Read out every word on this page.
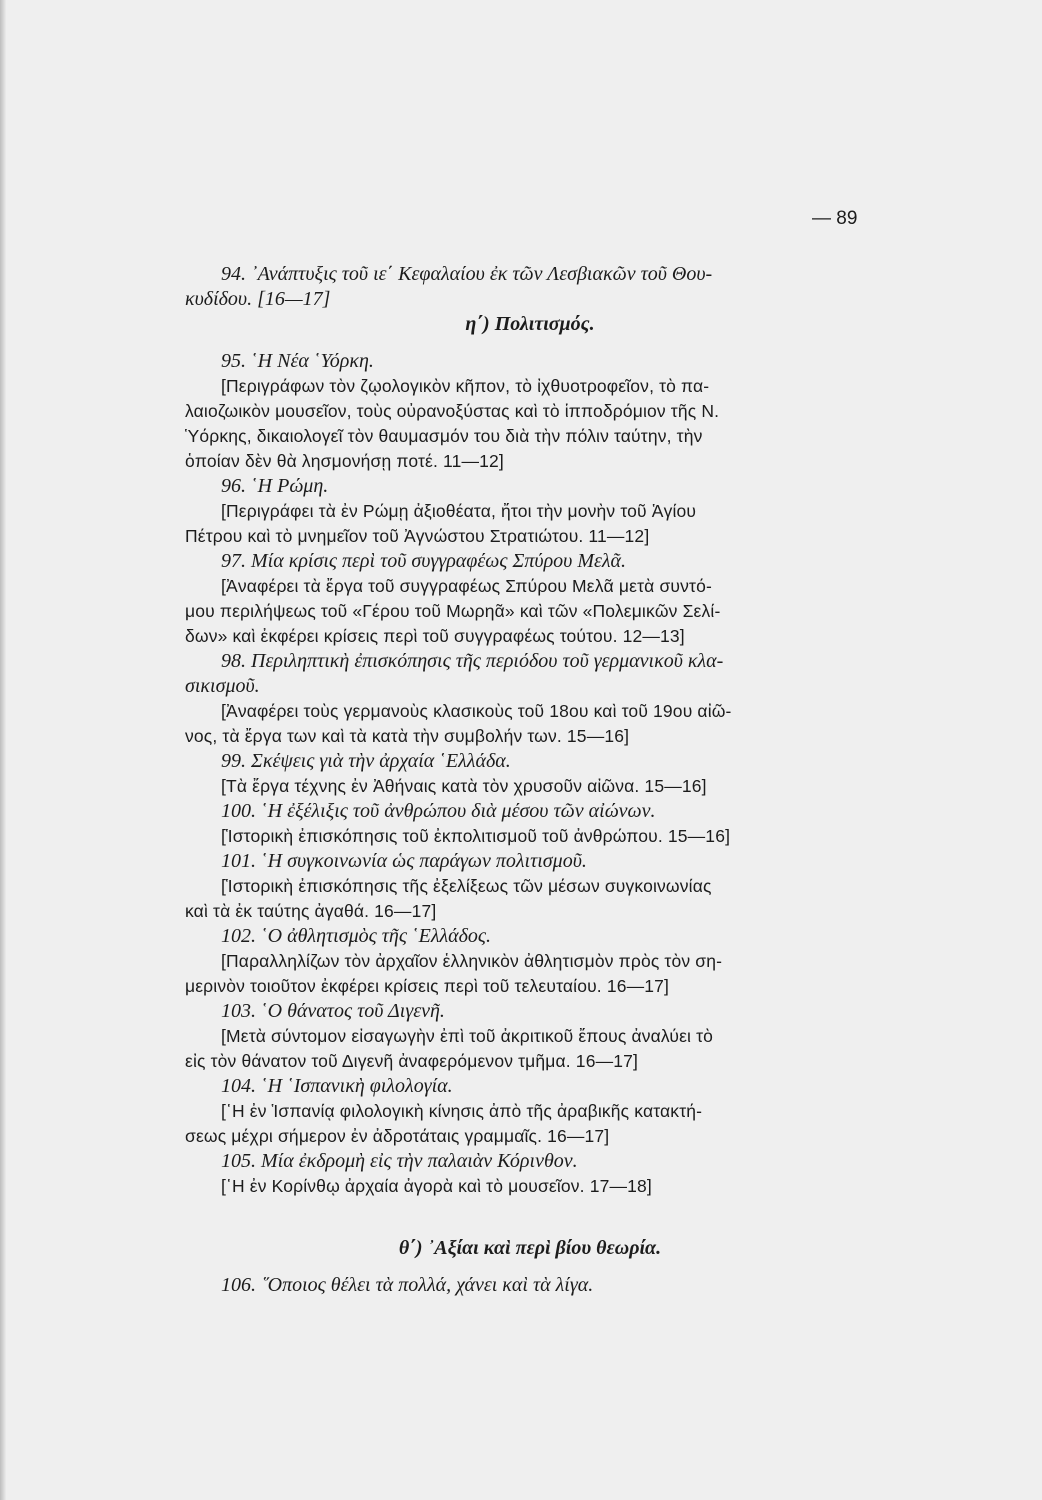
— 89
94. ᾿Ανάπτυξις τοῦ ιε΄ Κεφαλαίου ἐκ τῶν Λεσβιακῶν τοῦ Θου-
κυδίδου. [16—17]
η΄) Πολιτισμός.
95. ῾Η Νέα ῾Υόρκη.
[Περιγράφων τὸν ζῳολογικὸν κῆπον, τὸ ἰχθυοτροφεῖον, τὸ πα-
λαιοζωικὸν μουσεῖον, τοὺς οὐρανοξύστας καὶ τὸ ἱπποδρόμιον τῆς Ν.
Ὑόρκης, δικαιολογεῖ τὸν θαυμασμόν του διὰ τὴν πόλιν ταύτην, τὴν
ὁποίαν δὲν θὰ λησμονήσῃ ποτέ. 11—12]
96. ῾Η Ρώμη.
[Περιγράφει τὰ ἐν Ρώμῃ ἀξιοθέατα, ἤτοι τὴν μονὴν τοῦ Ἁγίου
Πέτρου καὶ τὸ μνημεῖον τοῦ Ἀγνώστου Στρατιώτου. 11—12]
97. Μία κρίσις περὶ τοῦ συγγραφέως Σπύρου Μελᾶ.
[Ἀναφέρει τὰ ἔργα τοῦ συγγραφέως Σπύρου Μελᾶ μετὰ συντό-
μου περιλήψεως τοῦ «Γέρου τοῦ Μωρηᾶ» καὶ τῶν «Πολεμικῶν Σελί-
δων» καὶ ἐκφέρει κρίσεις περὶ τοῦ συγγραφέως τούτου. 12—13]
98. Περιληπτικὴ ἐπισκόπησις τῆς περιόδου τοῦ γερμανικοῦ κλα-
σικισμοῦ.
[Ἀναφέρει τοὺς γερμανοὺς κλασικοὺς τοῦ 18ου καὶ τοῦ 19ου αἰῶ-
νος, τὰ ἔργα των καὶ τὰ κατὰ τὴν συμβολήν των. 15—16]
99. Σκέψεις γιὰ τὴν ἀρχαία ῾Ελλάδα.
[Τὰ ἔργα τέχνης ἐν Ἀθήναις κατὰ τὸν χρυσοῦν αἰῶνα. 15—16]
100. ῾Η ἐξέλιξις τοῦ ἀνθρώπου διὰ μέσου τῶν αἰώνων.
[Ἱστορικὴ ἐπισκόπησις τοῦ ἐκπολιτισμοῦ τοῦ ἀνθρώπου. 15—16]
101. ῾Η συγκοινωνία ὡς παράγων πολιτισμοῦ.
[Ἱστορικὴ ἐπισκόπησις τῆς ἐξελίξεως τῶν μέσων συγκοινωνίας
καὶ τὰ ἐκ ταύτης ἀγαθά. 16—17]
102. ῾Ο ἀθλητισμὸς τῆς ῾Ελλάδος.
[Παραλληλίζων τὸν ἀρχαῖον ἑλληνικὸν ἀθλητισμὸν πρὸς τὸν ση-
μερινὸν τοιοῦτον ἐκφέρει κρίσεις περὶ τοῦ τελευταίου. 16—17]
103. ῾Ο θάνατος τοῦ Διγενῆ.
[Μετὰ σύντομον εἰσαγωγὴν ἐπὶ τοῦ ἀκριτικοῦ ἔπους ἀναλύει τὸ
εἰς τὸν θάνατον τοῦ Διγενῆ ἀναφερόμενον τμῆμα. 16—17]
104. ῾Η ῾Ισπανικὴ φιλολογία.
[῾Η ἐν Ἱσπανίᾳ φιλολογικὴ κίνησις ἀπὸ τῆς ἀραβικῆς κατακτή-
σεως μέχρι σήμερον ἐν ἀδροτάταις γραμμαῖς. 16—17]
105. Μία ἐκδρομὴ εἰς τὴν παλαιὰν Κόρινθον.
[῾Η ἐν Κορίνθῳ ἀρχαία ἀγορὰ καὶ τὸ μουσεῖον. 17—18]
θ΄) ᾿Αξίαι καὶ περὶ βίου θεωρία.
106. ῞Οποιος θέλει τὰ πολλά, χάνει καὶ τὰ λίγα.
